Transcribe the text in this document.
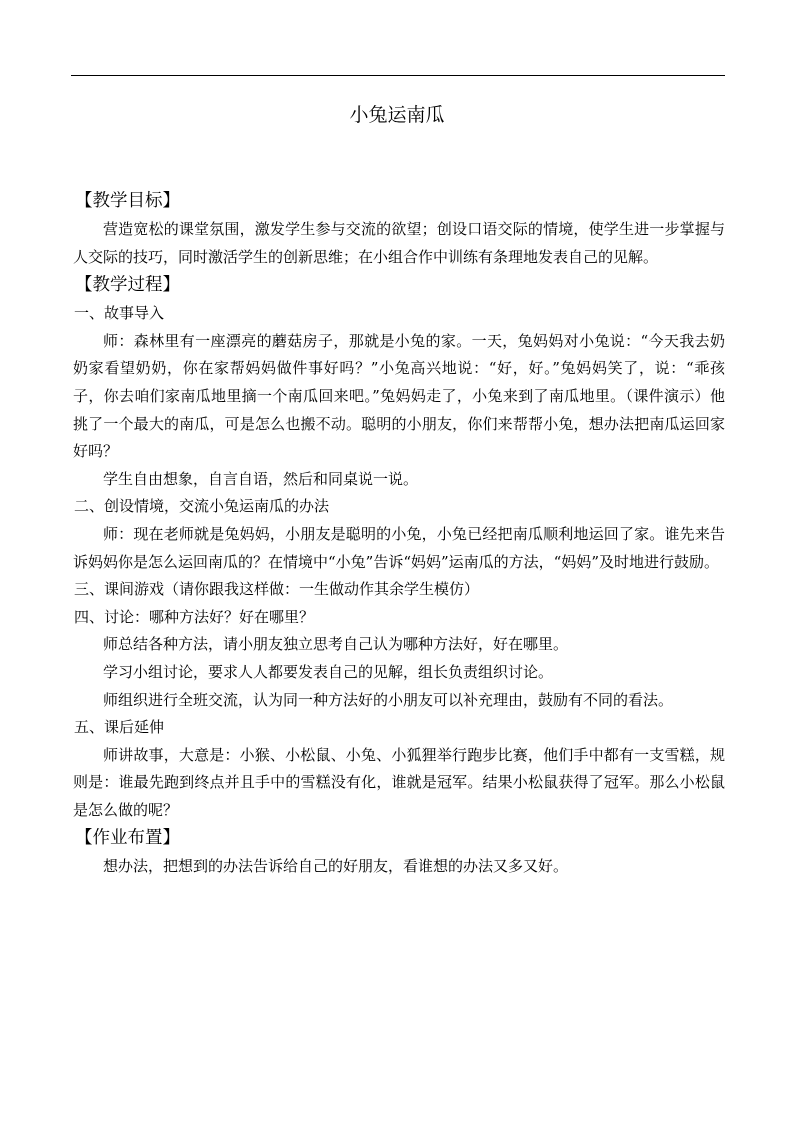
小兔运南瓜
【教学目标】
营造宽松的课堂氛围，激发学生参与交流的欲望；创设口语交际的情境，使学生进一步掌握与人交际的技巧，同时激活学生的创新思维；在小组合作中训练有条理地发表自己的见解。
【教学过程】
一、故事导入
师：森林里有一座漂亮的蘑菇房子，那就是小兔的家。一天，兔妈妈对小兔说：“今天我去奶奶家看望奶奶，你在家帮妈妈做件事好吗？”小兔高兴地说：“好，好。”兔妈妈笑了，说：“乖孩子，你去咱们家南瓜地里摘一个南瓜回来吧。”兔妈妈走了，小兔来到了南瓜地里。（课件演示）他挑了一个最大的南瓜，可是怎么也搬不动。聪明的小朋友，你们来帮帮小兔，想办法把南瓜运回家好吗？
学生自由想象，自言自语，然后和同桌说一说。
二、创设情境，交流小兔运南瓜的办法
师：现在老师就是兔妈妈，小朋友是聪明的小兔，小兔已经把南瓜顺利地运回了家。谁先来告诉妈妈你是怎么运回南瓜的？在情境中“小兔”告诉“妈妈”运南瓜的方法，“妈妈”及时地进行鼓励。
三、课间游戏（请你跟我这样做：一生做动作其余学生模仿）
四、讨论：哪种方法好？好在哪里？
师总结各种方法，请小朋友独立思考自己认为哪种方法好，好在哪里。
学习小组讨论，要求人人都要发表自己的见解，组长负责组织讨论。
师组织进行全班交流，认为同一种方法好的小朋友可以补充理由，鼓励有不同的看法。
五、课后延伸
师讲故事，大意是：小猴、小松鼠、小兔、小狐狸举行跑步比赛，他们手中都有一支雪糕，规则是：谁最先跑到终点并且手中的雪糕没有化，谁就是冠军。结果小松鼠获得了冠军。那么小松鼠是怎么做的呢？
【作业布置】
想办法，把想到的办法告诉给自己的好朋友，看谁想的办法又多又好。
